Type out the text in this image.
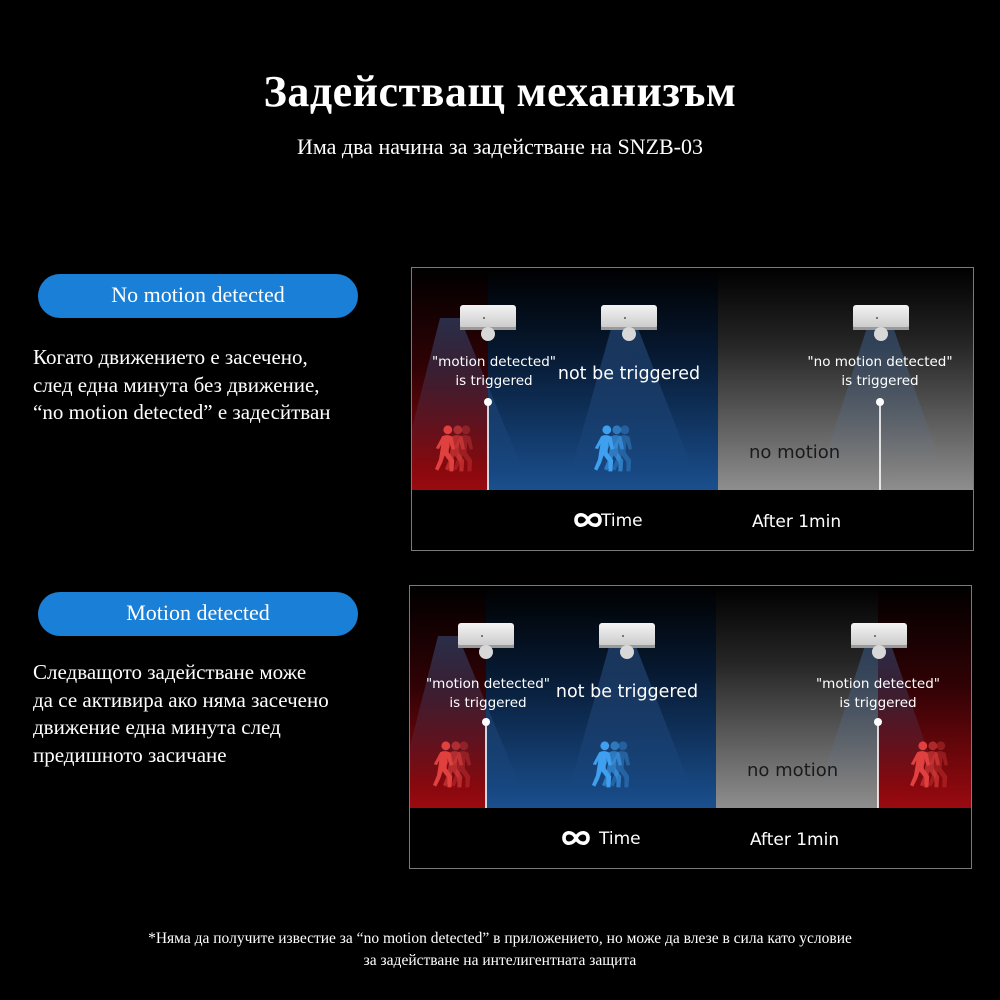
Задействащ механизъм
Има два начина за задействане на SNZB-03
No motion detected

Когато движението е засечено,
след една минута без движение,
“no motion detected” е задесйтван

"motion detected"
is triggered not be triggered
"no motion detected"
is triggered
no motion
Time	After 1min
Motion detected

Следващото задействане може
да се активира ако няма засечено
движение една минута след
предишното засичане

"motion detected"
is triggered
not be triggered	"motion detected"
is triggered
no motion
Time	After 1min
*Няма да получите известие за “no motion detected” в приложението, но може да влезе в сила като условие
за задействане на интелигентната защита
